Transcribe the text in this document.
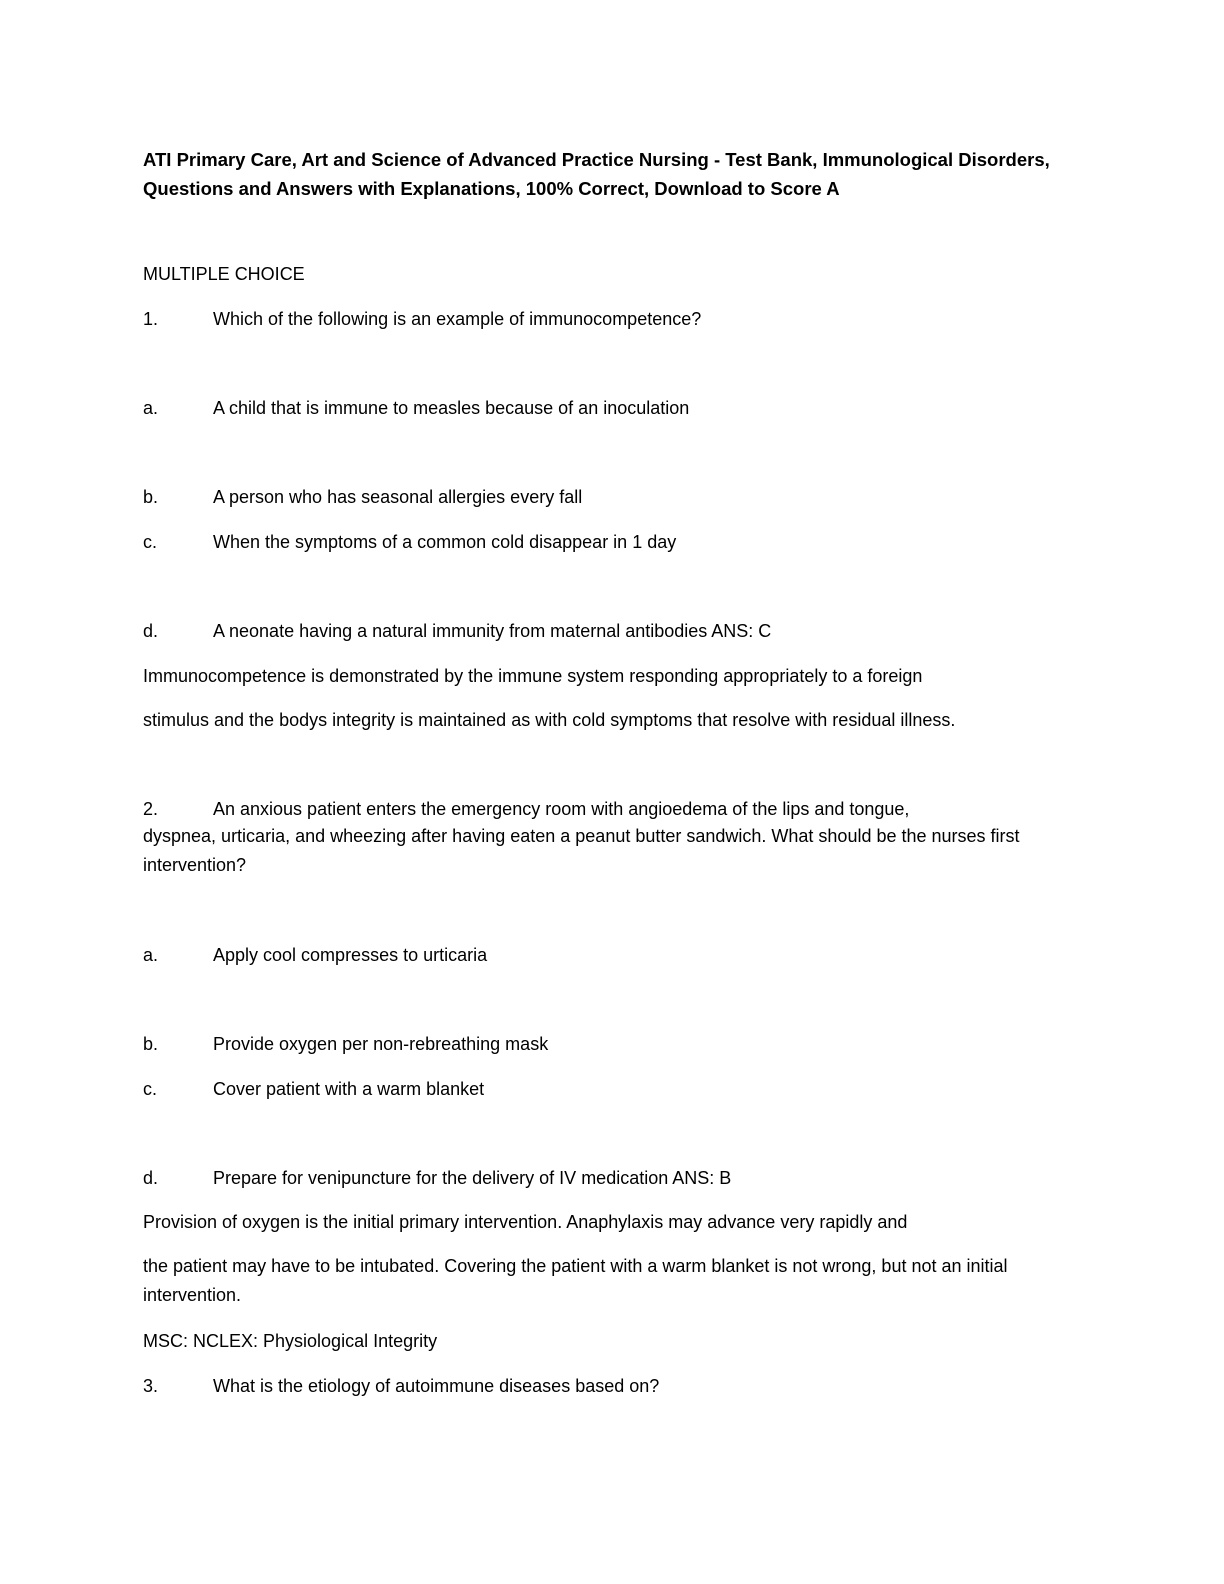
ATI Primary Care, Art and Science of Advanced Practice Nursing - Test Bank, Immunological Disorders, Questions and Answers with Explanations, 100% Correct, Download to Score A
MULTIPLE CHOICE
1.	Which of the following is an example of immunocompetence?
a.	A child that is immune to measles because of an inoculation
b.	A person who has seasonal allergies every fall
c.	When the symptoms of a common cold disappear in 1 day
d.	A neonate having a natural immunity from maternal antibodies ANS: C
Immunocompetence is demonstrated by the immune system responding appropriately to a foreign
stimulus and the bodys integrity is maintained as with cold symptoms that resolve with residual illness.
2.	An anxious patient enters the emergency room with angioedema of the lips and tongue,
dyspnea, urticaria, and wheezing after having eaten a peanut butter sandwich. What should be the nurses first intervention?
a.	Apply cool compresses to urticaria
b.	Provide oxygen per non-rebreathing mask
c.	Cover patient with a warm blanket
d.	Prepare for venipuncture for the delivery of IV medication ANS: B
Provision of oxygen is the initial primary intervention. Anaphylaxis may advance very rapidly and
the patient may have to be intubated. Covering the patient with a warm blanket is not wrong, but not an initial intervention.
MSC: NCLEX: Physiological Integrity
3.	What is the etiology of autoimmune diseases based on?
